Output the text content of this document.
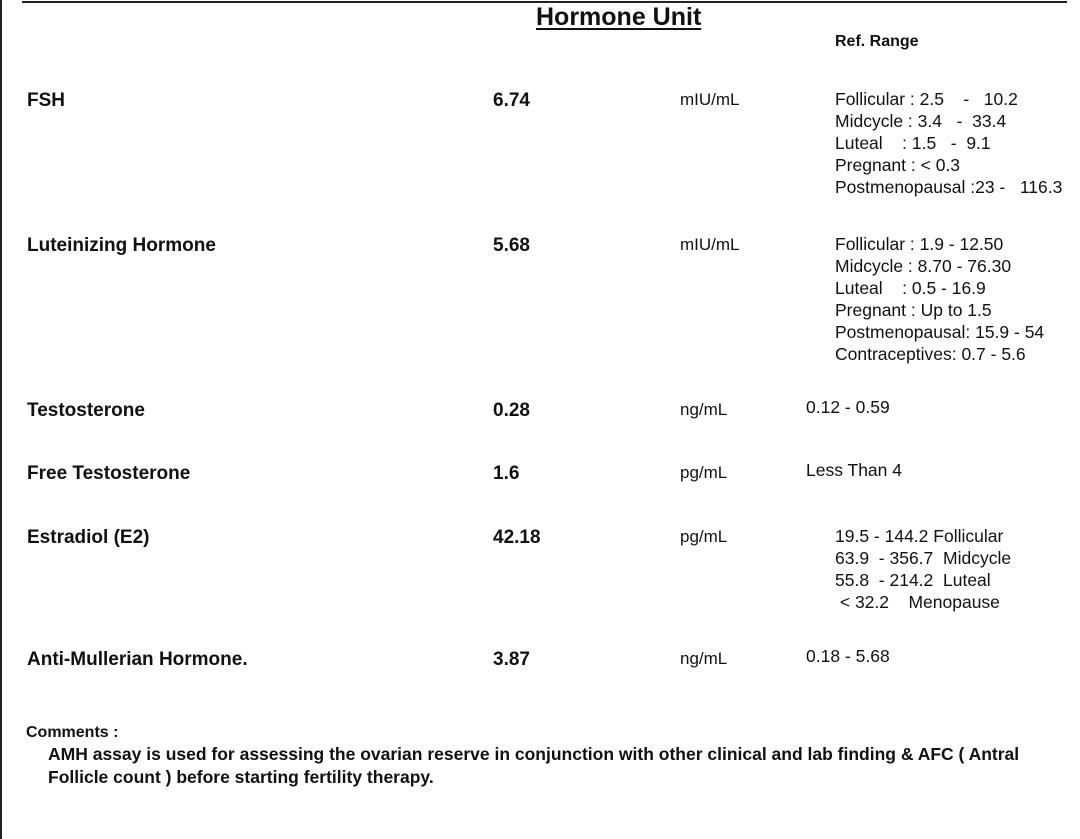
Hormone Unit
Ref. Range
FSH	6.74	mIU/mL	Follicular : 2.5    -   10.2
Midcycle : 3.4   -  33.4
Luteal    : 1.5   -  9.1
Pregnant : < 0.3
Postmenopausal :23 -   116.3
Luteinizing Hormone	5.68	mIU/mL	Follicular : 1.9 - 12.50
Midcycle : 8.70 - 76.30
Luteal    : 0.5 - 16.9
Pregnant : Up to 1.5
Postmenopausal: 15.9 - 54
Contraceptives: 0.7 - 5.6
Testosterone	0.28	ng/mL	0.12 - 0.59
Free Testosterone	1.6	pg/mL	Less Than 4
Estradiol (E2)	42.18	pg/mL	19.5 - 144.2 Follicular
63.9  - 356.7  Midcycle
55.8  - 214.2  Luteal
< 32.2    Menopause
Anti-Mullerian Hormone.	3.87	ng/mL	0.18 - 5.68
Comments :
AMH assay is used for assessing the ovarian reserve in conjunction with other clinical and lab finding & AFC ( Antral Follicle count ) before starting fertility therapy.
